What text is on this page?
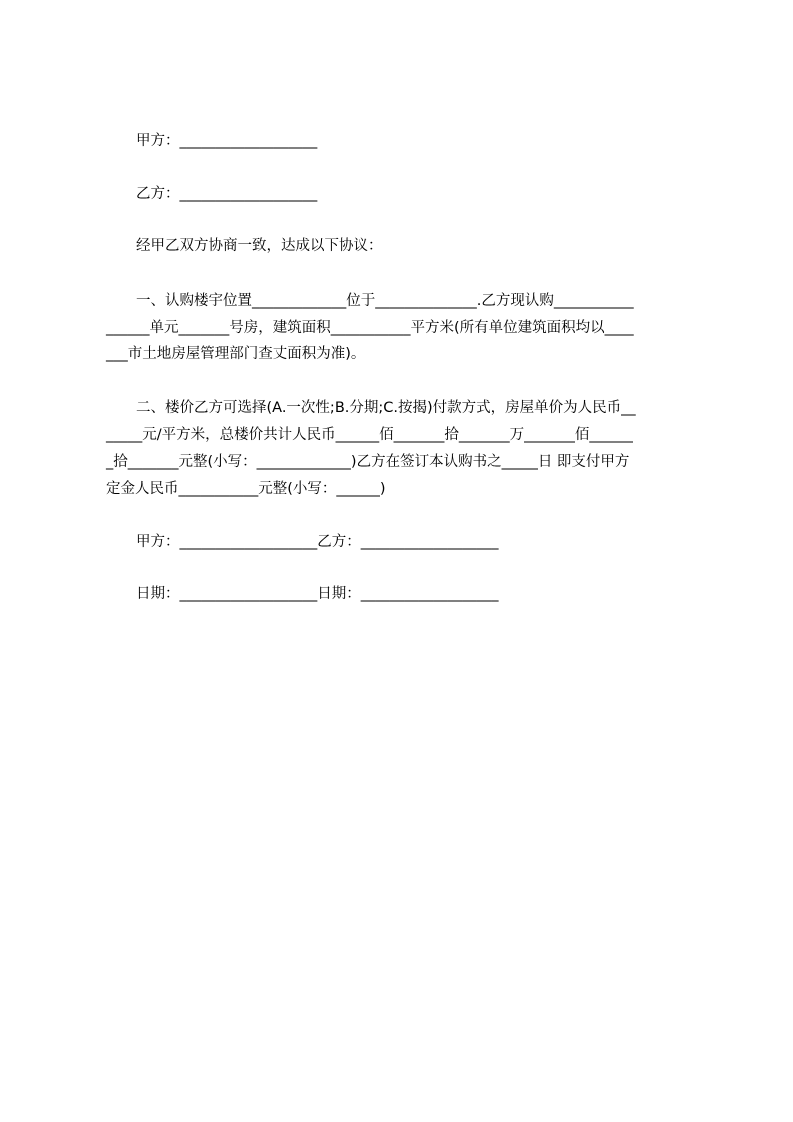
甲方：___________________
乙方：___________________
经甲乙双方协商一致，达成以下协议：
一、认购楼宇位置_____________位于______________.乙方现认购___________
______单元_______号房，建筑面积___________平方米(所有单位建筑面积均以____
___市土地房屋管理部门查丈面积为准)。
二、楼价乙方可选择(A.一次性;B.分期;C.按揭)付款方式，房屋单价为人民币__
_____元/平方米，总楼价共计人民币______佰_______拾_______万_______佰______
_拾_______元整(小写：_____________)乙方在签订本认购书之_____日 即支付甲方
定金人民币___________元整(小写：______)
甲方：___________________乙方：___________________
日期：___________________日期：___________________
